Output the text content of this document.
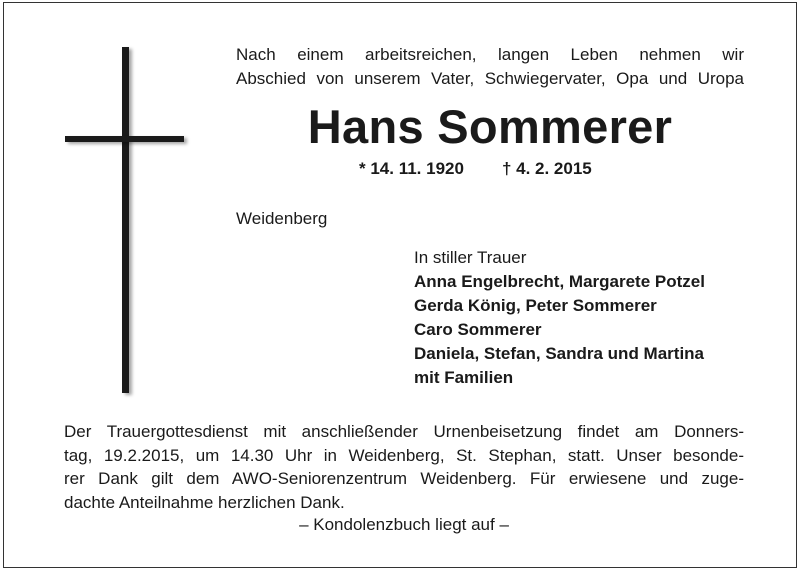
Nach einem arbeitsreichen, langen Leben nehmen wir
Abschied von unserem Vater, Schwiegervater, Opa und Uropa
Hans Sommerer
* 14. 11. 1920 † 4. 2. 2015
Weidenberg
In stiller Trauer
Anna Engelbrecht, Margarete Potzel
Gerda König, Peter Sommerer
Caro Sommerer
Daniela, Stefan, Sandra und Martina
mit Familien
Der Trauergottesdienst mit anschließender Urnenbeisetzung findet am Donners-
tag, 19.2.2015, um 14.30 Uhr in Weidenberg, St. Stephan, statt. Unser besonde-
rer Dank gilt dem AWO-Seniorenzentrum Weidenberg. Für erwiesene und zuge-
dachte Anteilnahme herzlichen Dank.
– Kondolenzbuch liegt auf –
